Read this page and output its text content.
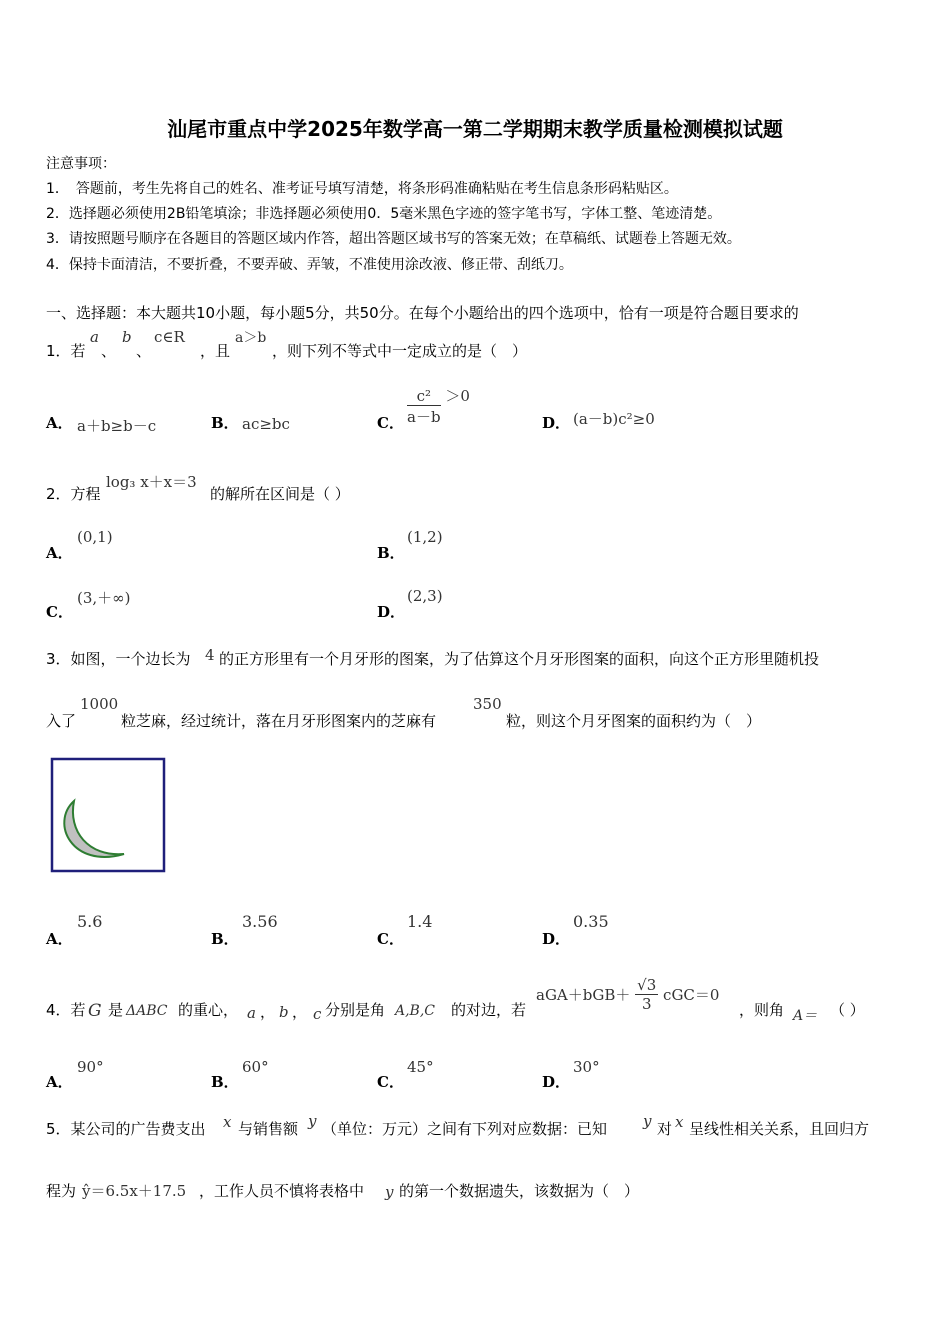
汕尾市重点中学2025年数学高一第二学期期末教学质量检测模拟试题
注意事项：
1．　答题前，考生先将自己的姓名、准考证号填写清楚，将条形码准确粘贴在考生信息条形码粘贴区。
2．选择题必须使用2B铅笔填涂；非选择题必须使用0．5毫米黑色字迹的签字笔书写，字体工整、笔迹清楚。
3．请按照题号顺序在各题目的答题区域内作答，超出答题区域书写的答案无效；在草稿纸、试题卷上答题无效。
4．保持卡面清洁，不要折叠，不要弄破、弄皱，不准使用涂改液、修正带、刮纸刀。
一、选择题：本大题共10小题，每小题5分，共50分。在每个小题给出的四个选项中，恰有一项是符合题目要求的
1．若
a
、
b
、
c∈R
，且
a＞b
，则下列不等式中一定成立的是（　）
A． a＋b≥b－c	B． ac≥bc	C． $\frac{\text{c²}}{a-b} >0$
D． (a－b)c²≥0
2．方程
log₃ x＋x＝3
的解所在区间是（ ）
A．
(0,1)
B．
(1,2)
C．
(3,＋∞)
D．
(2,3)
3．如图，一个边长为 4 的正方形里有一个月牙形的图案，为了估算这个月牙形图案的面积，向这个正方形里随机投
入了
1000
粒芝麻，经过统计，落在月牙形图案内的芝麻有
350
粒，则这个月牙图案的面积约为（　）
A．
5.6
B．
3.56
C．
1.4
D．
0.35
4．若 G 是 ΔABC 的重心， a ， b ， c 分别是角 A,B,C 的对边，若
$aGA+bGB+ \frac{√3}{3} cGC=0$
，则角 A＝ （ ）
A．
90°
B．
60°
C．
45°
D．
30°
5．某公司的广告费支出 x 与销售额 y （单位：万元）之间有下列对应数据：已知 y 对 x 呈线性相关关系，且回归方
程为 ŷ＝6.5x＋17.5 ，工作人员不慎将表格中 y 的第一个数据遗失，该数据为（　）
